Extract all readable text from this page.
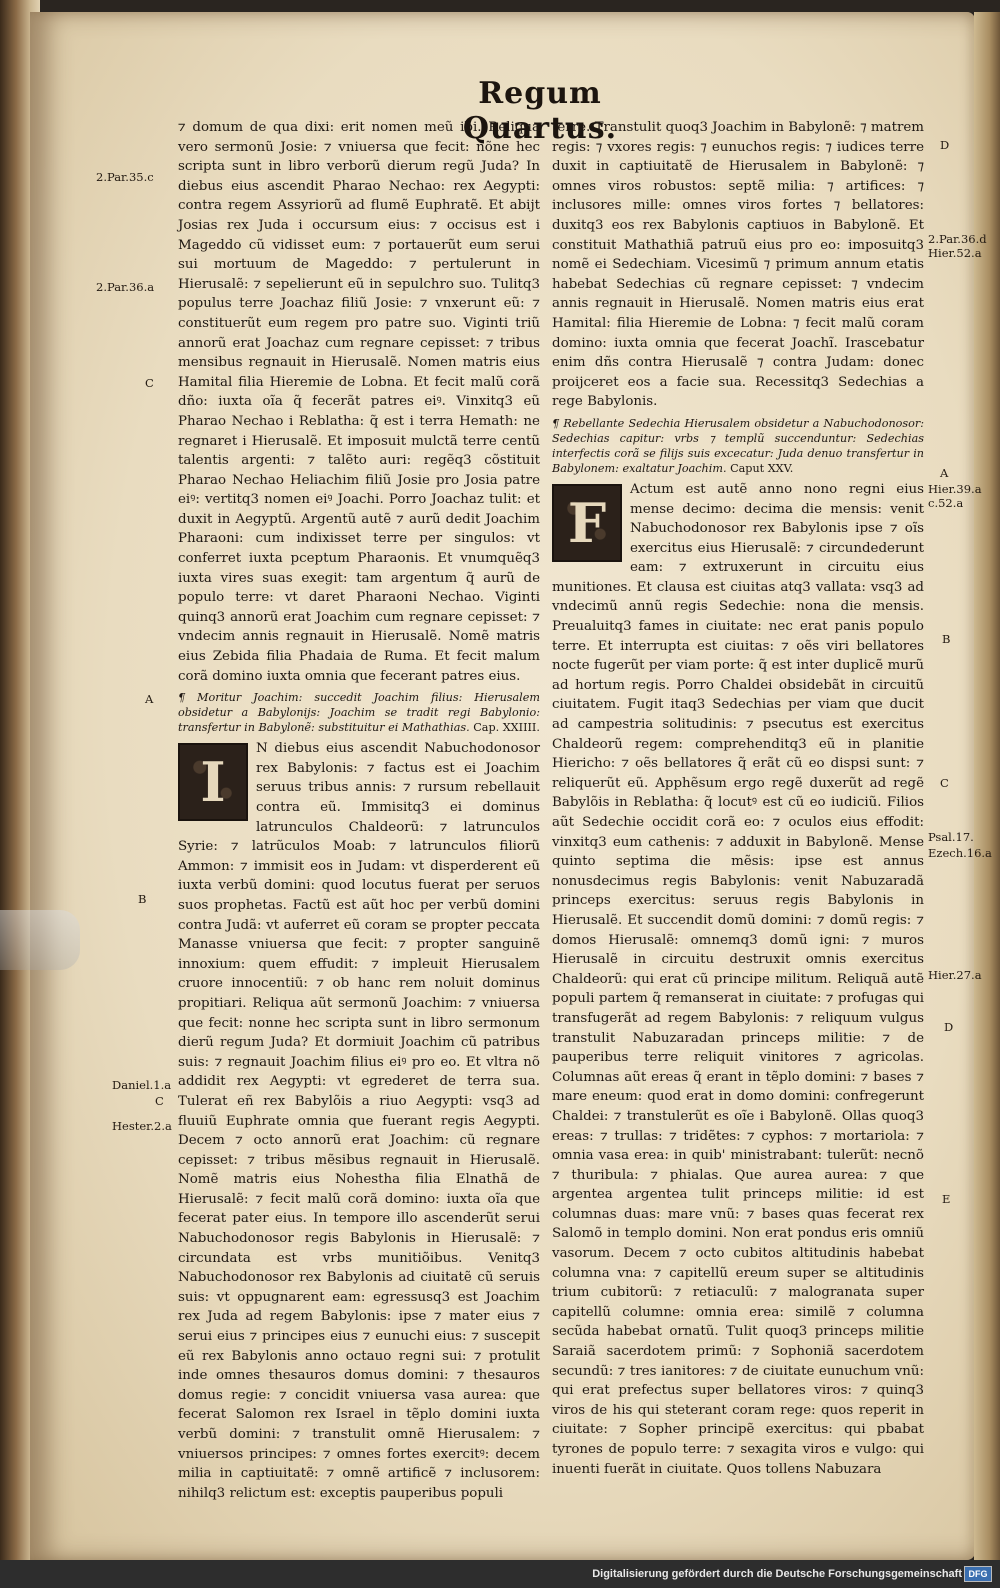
Regum Quartus.

⁊ domum de qua dixi: erit nomen meũ ibi. Reliqua vero sermonũ Josie: ⁊ vniuersa que fecit: nõne hec scripta sunt in libro verborũ dierum regũ Juda? In diebus eius ascendit Pharao Nechao: rex Aegypti: contra regem Assyriorũ ad flumẽ Euphratẽ. Et abijt Josias rex Juda i occursum eius: ⁊ occisus est i Mageddo cũ vidisset eum: ⁊ portauerũt eum serui sui mortuum de Mageddo: ⁊ pertulerunt in Hierusalẽ: ⁊ sepelierunt eũ in sepulchro suo. Tulitq3 populus terre Joachaz filiũ Josie: ⁊ vnxerunt eũ: ⁊ constituerũt eum regem pro patre suo. Viginti triũ annorũ erat Joachaz cum regnare cepisset: ⁊ tribus mensibus regnauit in Hierusalẽ. Nomen matris eius Hamital filia Hieremie de Lobna. Et fecit malũ corã dño: iuxta oĩa q̃ fecerãt patres eiꝰ. Vinxitq3 eũ Pharao Nechao i Reblatha: q̃ est i terra Hemath: ne regnaret i Hierusalẽ. Et imposuit mulctã terre centũ talentis argenti: ⁊ talẽto auri: regẽq3 cõstituit Pharao Nechao Heliachim filiũ Josie pro Josia patre eiꝰ: vertitq3 nomen eiꝰ Joachi. Porro Joachaz tulit: et duxit in Aegyptũ. Argentũ autẽ ⁊ aurũ dedit Joachim Pharaoni: cum indixisset terre per singulos: vt conferret iuxta pceptum Pharaonis. Et vnumquẽq3 iuxta vires suas exegit: tam argentum q̃ aurũ de populo terre: vt daret Pharaoni Nechao. Viginti quinq3 annorũ erat Joachim cum regnare cepisset: ⁊ vndecim annis regnauit in Hierusalẽ. Nomẽ matris eius Zebida filia Phadaia de Ruma. Et fecit malum corã domino iuxta omnia que fecerant patres eius.

¶ Moritur Joachim: succedit Joachim filius: Hierusalem obsidetur a Babylonijs: Joachim se tradit regi Babylonio: transfertur in Babylonẽ: substituitur ei Mathathias. Cap. XXIIII.

I
N diebus eius ascendit Nabuchodonosor rex Babylonis: ⁊ factus est ei Joachim seruus tribus annis: ⁊ rursum rebellauit contra eũ. Immisitq3 ei dominus latrunculos Chaldeorũ: ⁊ latrunculos Syrie: ⁊ latrũculos Moab: ⁊ latrunculos filiorũ Ammon: ⁊ immisit eos in Judam: vt disperderent eũ iuxta verbũ domini: quod locutus fuerat per seruos suos prophetas. Factũ est aũt hoc per verbũ domini contra Judã: vt auferret eũ coram se propter peccata Manasse vniuersa que fecit: ⁊ propter sanguinẽ innoxium: quem effudit: ⁊ impleuit Hierusalem cruore innocentiũ: ⁊ ob hanc rem noluit dominus propitiari. Reliqua aũt sermonũ Joachim: ⁊ vniuersa que fecit: nonne hec scripta sunt in libro sermonum dierũ regum Juda? Et dormiuit Joachim cũ patribus suis: ⁊ regnauit Joachim filius eiꝰ pro eo. Et vltra nõ addidit rex Aegypti: vt egrederet de terra sua. Tulerat eñ rex Babylõis a riuo Aegypti: vsq3 ad fluuiũ Euphrate omnia que fuerant regis Aegypti. Decem ⁊ octo annorũ erat Joachim: cũ regnare cepisset: ⁊ tribus mẽsibus regnauit in Hierusalẽ. Nomẽ matris eius Nohestha filia Elnathã de Hierusalẽ: ⁊ fecit malũ corã domino: iuxta oĩa que fecerat pater eius. In tempore illo ascenderũt serui Nabuchodonosor regis Babylonis in Hierusalẽ: ⁊ circundata est vrbs munitiõibus. Venitq3 Nabuchodonosor rex Babylonis ad ciuitatẽ cũ seruis suis: vt oppugnarent eam: egressusq3 est Joachim rex Juda ad regem Babylonis: ipse ⁊ mater eius ⁊ serui eius ⁊ principes eius ⁊ eunuchi eius: ⁊ suscepit eũ rex Babylonis anno octauo regni sui: ⁊ protulit inde omnes thesauros domus domini: ⁊ thesauros domus regie: ⁊ concidit vniuersa vasa aurea: que fecerat Salomon rex Israel in tẽplo domini iuxta verbũ domini: ⁊ transtulit omnẽ Hierusalem: ⁊ vniuersos principes: ⁊ omnes fortes exercitꝰ: decem milia in captiuitatẽ: ⁊ omnẽ artificẽ ⁊ inclusorem: nihilq3 relictum est: exceptis pauperibus populi

terre. Transtulit quoq3 Joachim in Babylonẽ: ⁊ matrem regis: ⁊ vxores regis: ⁊ eunuchos regis: ⁊ iudices terre duxit in captiuitatẽ de Hierusalem in Babylonẽ: ⁊ omnes viros robustos: septẽ milia: ⁊ artifices: ⁊ inclusores mille: omnes viros fortes ⁊ bellatores: duxitq3 eos rex Babylonis captiuos in Babylonẽ. Et constituit Mathathiã patruũ eius pro eo: imposuitq3 nomẽ ei Sedechiam. Vicesimũ ⁊ primum annum etatis habebat Sedechias cũ regnare cepisset: ⁊ vndecim annis regnauit in Hierusalẽ. Nomen matris eius erat Hamital: filia Hieremie de Lobna: ⁊ fecit malũ coram domino: iuxta omnia que fecerat Joachĩ. Irascebatur enim dñs contra Hierusalẽ ⁊ contra Judam: donec proijceret eos a facie sua. Recessitq3 Sedechias a rege Babylonis.

¶ Rebellante Sedechia Hierusalem obsidetur a Nabuchodonosor: Sedechias capitur: vrbs ⁊ templũ succenduntur: Sedechias interfectis corã se filijs suis excecatur: Juda denuo transfertur in Babylonem: exaltatur Joachim. Caput XXV.

F
Actum est autẽ anno nono regni eius mense decimo: decima die mensis: venit Nabuchodonosor rex Babylonis ipse ⁊ oĩs exercitus eius Hierusalẽ: ⁊ circundederunt eam: ⁊ extruxerunt in circuitu eius munitiones. Et clausa est ciuitas atq3 vallata: vsq3 ad vndecimũ annũ regis Sedechie: nona die mensis. Preualuitq3 fames in ciuitate: nec erat panis populo terre. Et interrupta est ciuitas: ⁊ oẽs viri bellatores nocte fugerũt per viam porte: q̃ est inter duplicẽ murũ ad hortum regis. Porro Chaldei obsidebãt in circuitũ ciuitatem. Fugit itaq3 Sedechias per viam que ducit ad campestria solitudinis: ⁊ psecutus est exercitus Chaldeorũ regem: comprehenditq3 eũ in planitie Hiericho: ⁊ oẽs bellatores q̃ erãt cũ eo dispsi sunt: ⁊ reliquerũt eũ. Apphẽsum ergo regẽ duxerũt ad regẽ Babylõis in Reblatha: q̃ locutꝰ est cũ eo iudiciũ. Filios aũt Sedechie occidit corã eo: ⁊ oculos eius effodit: vinxitq3 eum cathenis: ⁊ adduxit in Babylonẽ. Mense quinto septima die mẽsis: ipse est annus nonusdecimus regis Babylonis: venit Nabuzaradã princeps exercitus: seruus regis Babylonis in Hierusalẽ. Et succendit domũ domini: ⁊ domũ regis: ⁊ domos Hierusalẽ: omnemq3 domũ igni: ⁊ muros Hierusalẽ in circuitu destruxit omnis exercitus Chaldeorũ: qui erat cũ principe militum. Reliquã autẽ populi partem q̃ remanserat in ciuitate: ⁊ profugas qui transfugerãt ad regem Babylonis: ⁊ reliquum vulgus transtulit Nabuzaradan princeps militie: ⁊ de pauperibus terre reliquit vinitores ⁊ agricolas. Columnas aũt ereas q̃ erant in tẽplo domini: ⁊ bases ⁊ mare eneum: quod erat in domo domini: confregerunt Chaldei: ⁊ transtulerũt es oĩe i Babylonẽ. Ollas quoq3 ereas: ⁊ trullas: ⁊ tridẽtes: ⁊ cyphos: ⁊ mortariola: ⁊ omnia vasa erea: in quib' ministrabant: tulerũt: necnõ ⁊ thuribula: ⁊ phialas. Que aurea aurea: ⁊ que argentea argentea tulit princeps militie: id est columnas duas: mare vnũ: ⁊ bases quas fecerat rex Salomõ in templo domini. Non erat pondus eris omniũ vasorum. Decem ⁊ octo cubitos altitudinis habebat columna vna: ⁊ capitellũ ereum super se altitudinis trium cubitorũ: ⁊ retiaculũ: ⁊ malogranata super capitellũ columne: omnia erea: similẽ ⁊ columna secũda habebat ornatũ. Tulit quoq3 princeps militie Saraiã sacerdotem primũ: ⁊ Sophoniã sacerdotem secundũ: ⁊ tres ianitores: ⁊ de ciuitate eunuchum vnũ: qui erat prefectus super bellatores viros: ⁊ quinq3 viros de his qui steterant coram rege: quos reperit in ciuitate: ⁊ Sopher principẽ exercitus: qui pbabat tyrones de populo terre: ⁊ sexagita viros e vulgo: qui inuenti fuerãt in ciuitate. Quos tollens Nabuzara

2.Par.35.c
2.Par.36.a
C
A
B
Daniel.1.a
C
Hester.2.a
D
2.Par.36.d
Hier.52.a
A
Hier.39.a
c.52.a
B
C
Psal.17.
Ezech.16.a
Hier.27.a
D
E
Digitalisierung gefördert durch die Deutsche Forschungsgemeinschaft DFG
